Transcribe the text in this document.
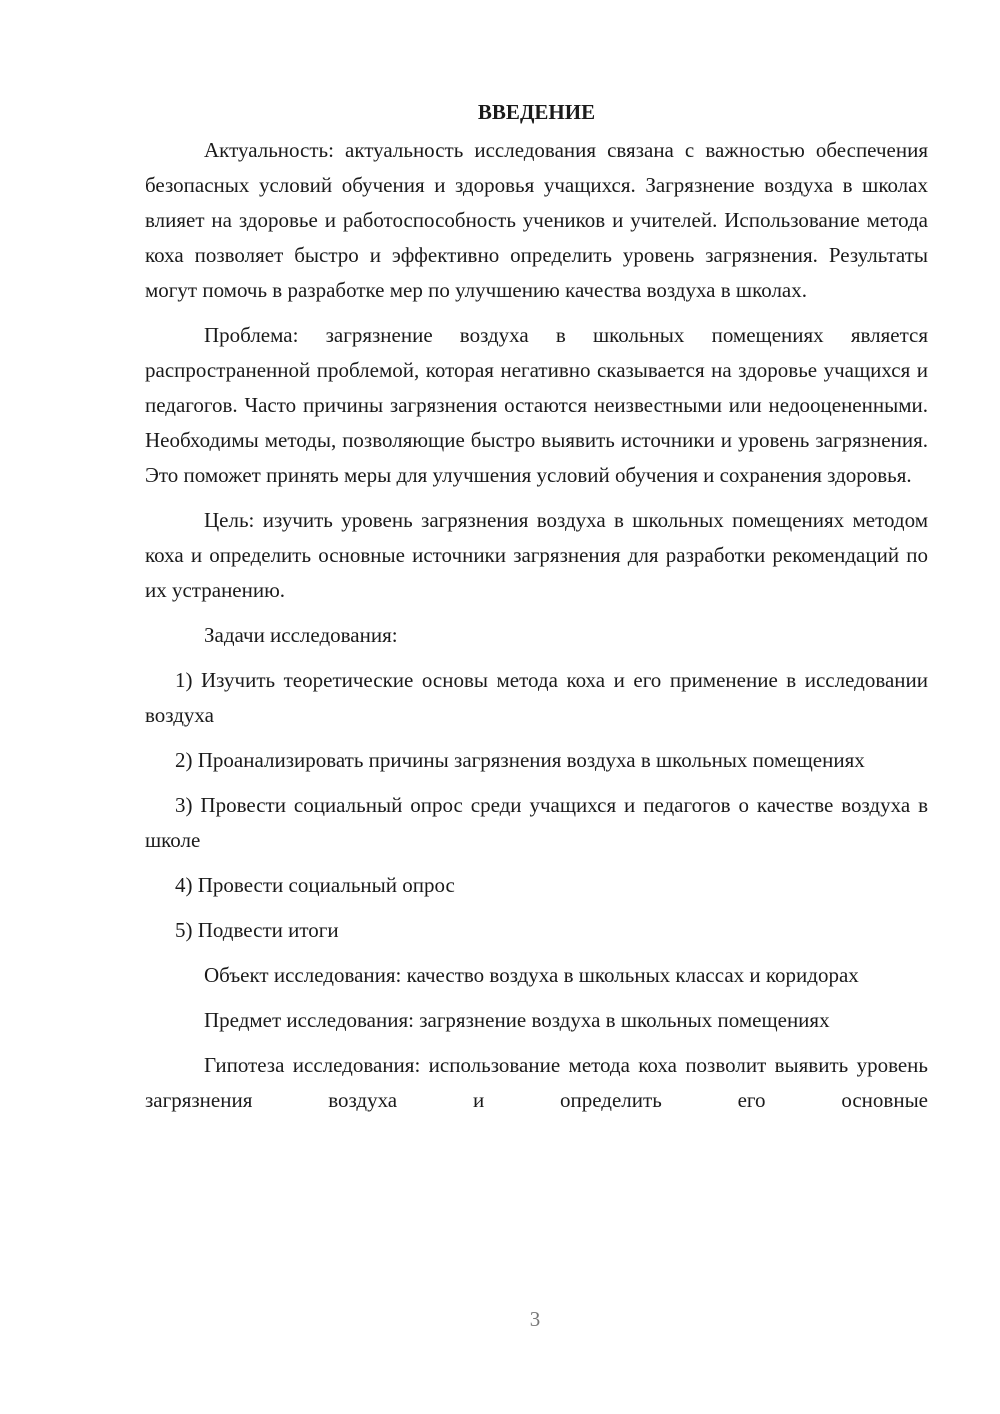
ВВЕДЕНИЕ

Актуальность: актуальность исследования связана с важностью обеспечения безопасных условий обучения и здоровья учащихся. Загрязнение воздуха в школах влияет на здоровье и работоспособность учеников и учителей. Использование метода коха позволяет быстро и эффективно определить уровень загрязнения. Результаты могут помочь в разработке мер по улучшению качества воздуха в школах.

Проблема: загрязнение воздуха в школьных помещениях является распространенной проблемой, которая негативно сказывается на здоровье учащихся и педагогов. Часто причины загрязнения остаются неизвестными или недооцененными. Необходимы методы, позволяющие быстро выявить источники и уровень загрязнения. Это поможет принять меры для улучшения условий обучения и сохранения здоровья.

Цель: изучить уровень загрязнения воздуха в школьных помещениях методом коха и определить основные источники загрязнения для разработки рекомендаций по их устранению.

Задачи исследования:

1) Изучить теоретические основы метода коха и его применение в исследовании воздуха

2) Проанализировать причины загрязнения воздуха в школьных помещениях

3) Провести социальный опрос среди учащихся и педагогов о качестве воздуха в школе

4) Провести социальный опрос

5) Подвести итоги

Объект исследования: качество воздуха в школьных классах и коридорах

Предмет исследования: загрязнение воздуха в школьных помещениях

Гипотеза исследования: использование метода коха позволит выявить уровень загрязнения воздуха и определить его основные

3
